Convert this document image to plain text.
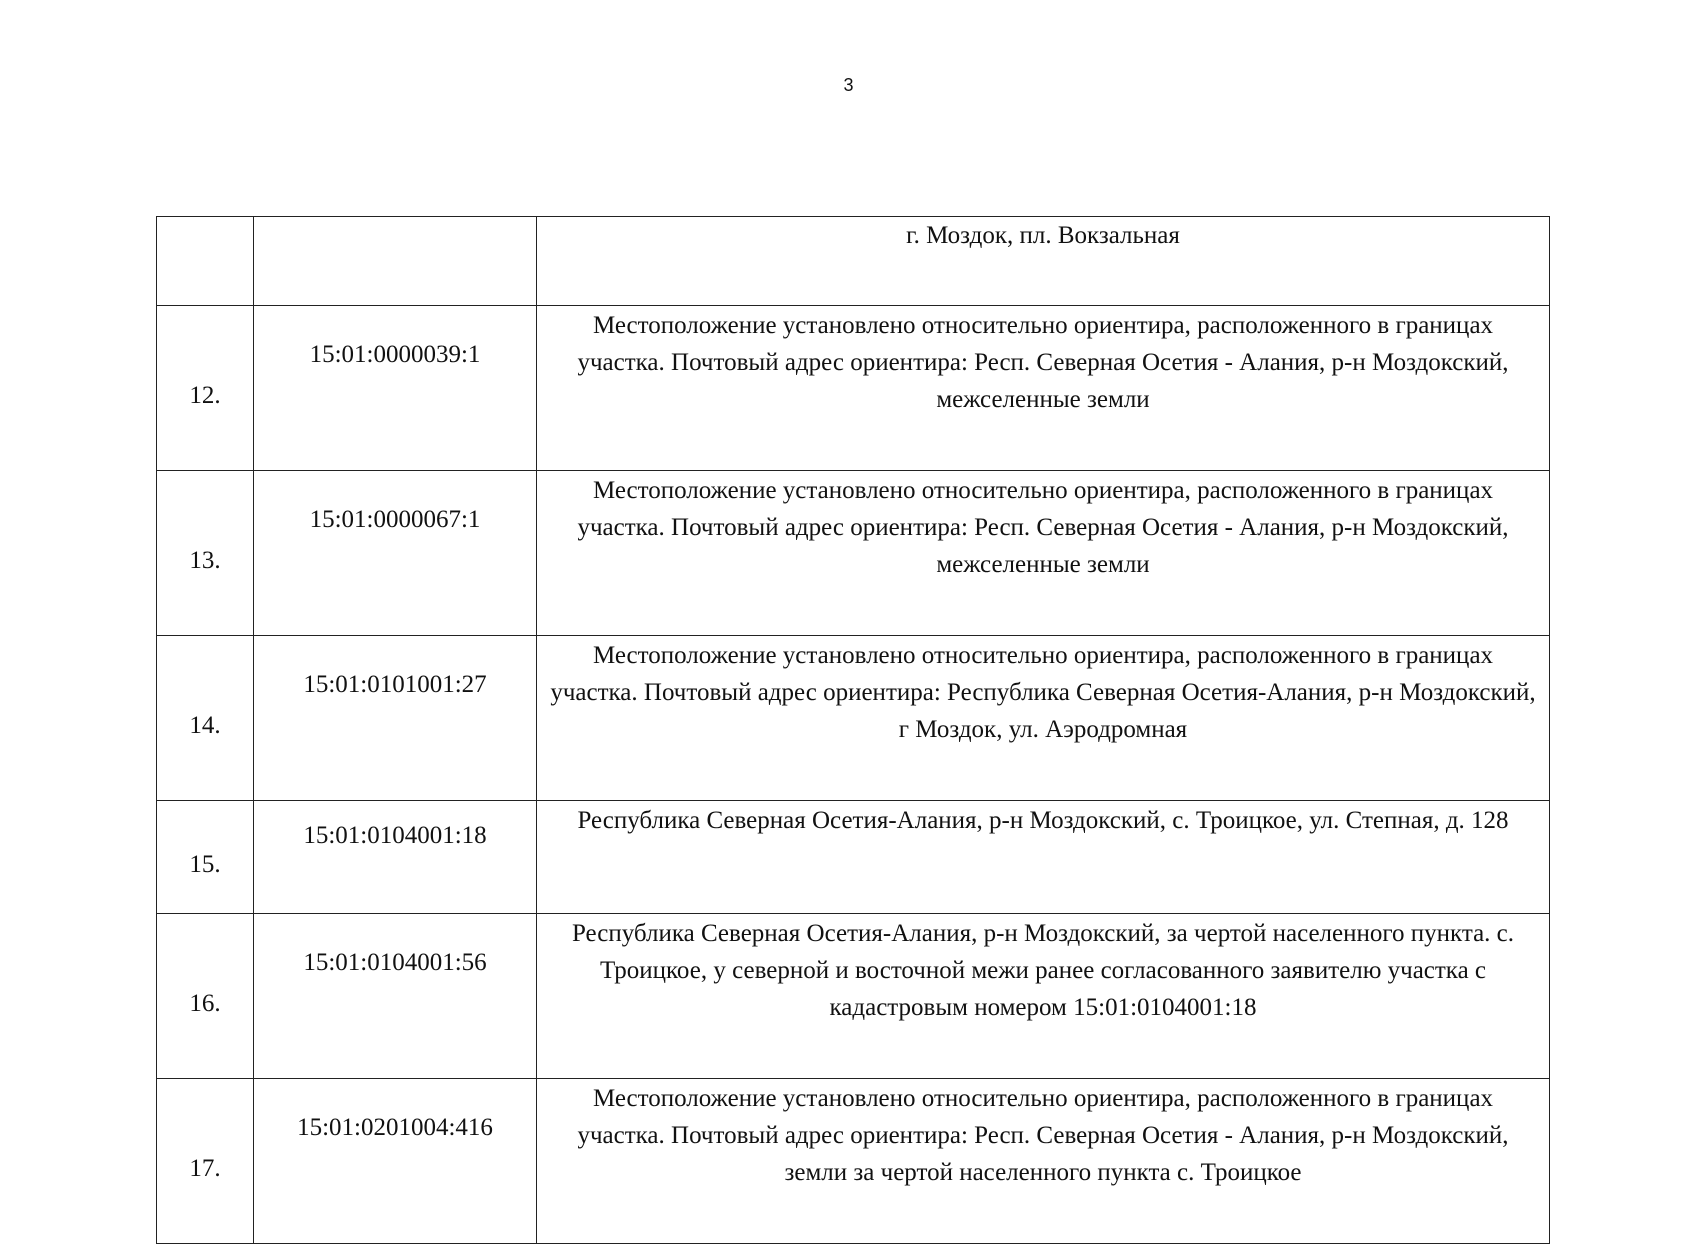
3
		г. Моздок, пл. Вокзальная
12.	15:01:0000039:1	Местоположение установлено относительно ориентира, расположенного в границах участка. Почтовый адрес ориентира: Респ. Северная Осетия - Алания, р-н Моздокский, межселенные земли
13.	15:01:0000067:1	Местоположение установлено относительно ориентира, расположенного в границах участка. Почтовый адрес ориентира: Респ. Северная Осетия - Алания, р-н Моздокский, межселенные земли
14.	15:01:0101001:27	Местоположение установлено относительно ориентира, расположенного в границах участка. Почтовый адрес ориентира: Республика Северная Осетия-Алания, р-н Моздокский, г Моздок, ул. Аэродромная
15.	15:01:0104001:18	Республика Северная Осетия-Алания, р-н Моздокский, с. Троицкое, ул. Степная, д. 128
16.	15:01:0104001:56	Республика Северная Осетия-Алания, р-н Моздокский, за чертой населенного пункта. с. Троицкое, у северной и восточной межи ранее согласованного заявителю участка с кадастровым номером 15:01:0104001:18
17.	15:01:0201004:416	Местоположение установлено относительно ориентира, расположенного в границах участка. Почтовый адрес ориентира: Респ. Северная Осетия - Алания, р-н Моздокский, земли за чертой населенного пункта с. Троицкое
